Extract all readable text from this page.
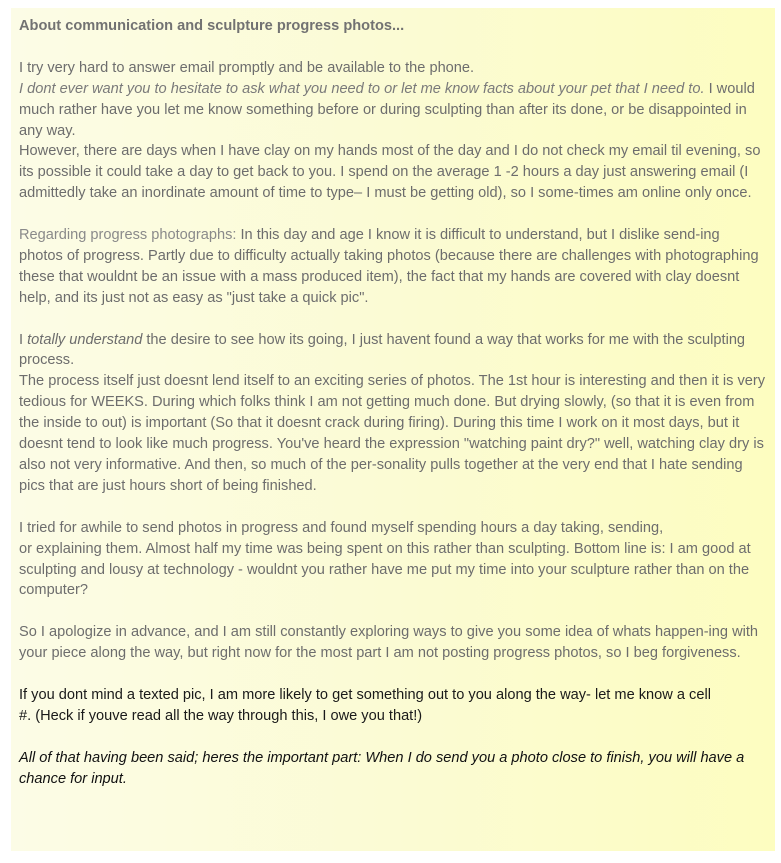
About communication and sculpture progress photos...

I try very hard to answer email promptly and be available to the phone.
I dont ever want you to hesitate to ask what you need to or let me know facts about your pet that I need to. I would much rather have you let me know something before or during sculpting than after its done, or be disappointed in any way.

However, there are days when I have clay on my hands most of the day and I do not check my email til evening, so its possible it could take a day to get back to you. I spend on the average 1 -2 hours a day just answering email (I admittedly take an inordinate amount of time to type– I must be getting old), so I some-times am online only once.

Regarding progress photographs: In this day and age I know it is difficult to understand, but I dislike send-ing photos of progress. Partly due to difficulty actually taking photos (because there are challenges with photographing these that wouldnt be an issue with a mass produced item), the fact that my hands are covered with clay doesnt help, and its just not as easy as "just take a quick pic".

I totally understand the desire to see how its going, I just havent found a way that works for me with the sculpting process.

The process itself just doesnt lend itself to an exciting series of photos. The 1st hour is interesting and then it is very tedious for WEEKS. During which folks think I am not getting much done. But drying slowly, (so that it is even from the inside to out) is important (So that it doesnt crack during firing). During this time I work on it most days, but it doesnt tend to look like much progress. You've heard the expression "watching paint dry?" well, watching clay dry is also not very informative. And then, so much of the per-sonality pulls together at the very end that I hate sending pics that are just hours short of being finished.

I tried for awhile to send photos in progress and found myself spending hours a day taking, sending,
or explaining them. Almost half my time was being spent on this rather than sculpting. Bottom line is: I am good at sculpting and lousy at technology - wouldnt you rather have me put my time into your sculpture rather than on the computer?

So I apologize in advance, and I am still constantly exploring ways to give you some idea of whats happen-ing with your piece along the way, but right now for the most part I am not posting progress photos, so I beg forgiveness.

If you dont mind a texted pic, I am more likely to get something out to you along the way- let me know a cell
#. (Heck if youve read all the way through this, I owe you that!)

All of that having been said; heres the important part: When I do send you a photo close to finish, you will have a chance for input.
